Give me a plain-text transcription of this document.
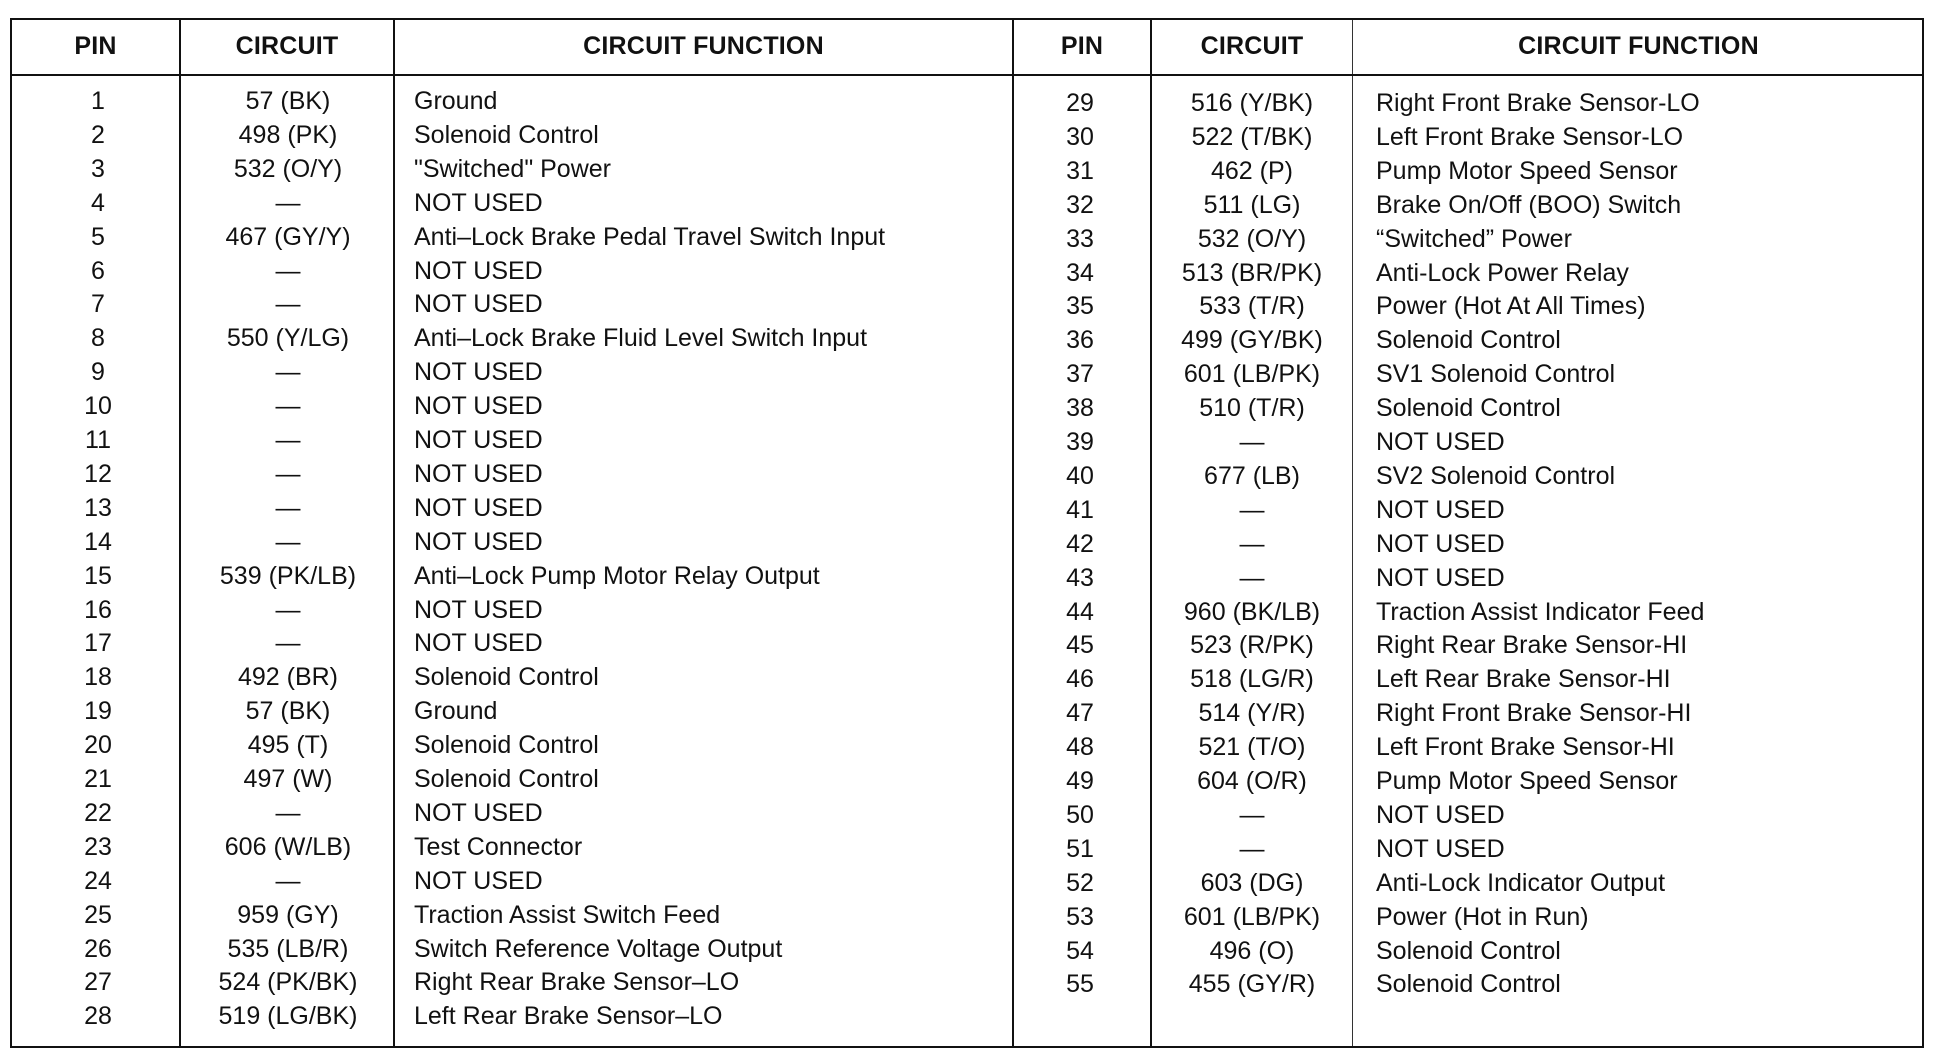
PIN	CIRCUIT	CIRCUIT FUNCTION	PIN	CIRCUIT	CIRCUIT FUNCTION
1	57 (BK)	Ground
2	498 (PK)	Solenoid Control
3	532 (O/Y)	"Switched" Power
4	—	NOT USED
5	467 (GY/Y)	Anti–Lock Brake Pedal Travel Switch Input
6	—	NOT USED
7	—	NOT USED
8	550 (Y/LG)	Anti–Lock Brake Fluid Level Switch Input
9	—	NOT USED
10	—	NOT USED
11	—	NOT USED
12	—	NOT USED
13	—	NOT USED
14	—	NOT USED
15	539 (PK/LB)	Anti–Lock Pump Motor Relay Output
16	—	NOT USED
17	—	NOT USED
18	492 (BR)	Solenoid Control
19	57 (BK)	Ground
20	495 (T)	Solenoid Control
21	497 (W)	Solenoid Control
22	—	NOT USED
23	606 (W/LB)	Test Connector
24	—	NOT USED
25	959 (GY)	Traction Assist Switch Feed
26	535 (LB/R)	Switch Reference Voltage Output
27	524 (PK/BK)	Right Rear Brake Sensor–LO
28	519 (LG/BK)	Left Rear Brake Sensor–LO
29	516 (Y/BK)	Right Front Brake Sensor-LO
30	522 (T/BK)	Left Front Brake Sensor-LO
31	462 (P)	Pump Motor Speed Sensor
32	511 (LG)	Brake On/Off (BOO) Switch
33	532 (O/Y)	“Switched” Power
34	513 (BR/PK)	Anti-Lock Power Relay
35	533 (T/R)	Power (Hot At All Times)
36	499 (GY/BK)	Solenoid Control
37	601 (LB/PK)	SV1 Solenoid Control
38	510 (T/R)	Solenoid Control
39	—	NOT USED
40	677 (LB)	SV2 Solenoid Control
41	—	NOT USED
42	—	NOT USED
43	—	NOT USED
44	960 (BK/LB)	Traction Assist Indicator Feed
45	523 (R/PK)	Right Rear Brake Sensor-HI
46	518 (LG/R)	Left Rear Brake Sensor-HI
47	514 (Y/R)	Right Front Brake Sensor-HI
48	521 (T/O)	Left Front Brake Sensor-HI
49	604 (O/R)	Pump Motor Speed Sensor
50	—	NOT USED
51	—	NOT USED
52	603 (DG)	Anti-Lock Indicator Output
53	601 (LB/PK)	Power (Hot in Run)
54	496 (O)	Solenoid Control
55	455 (GY/R)	Solenoid Control
